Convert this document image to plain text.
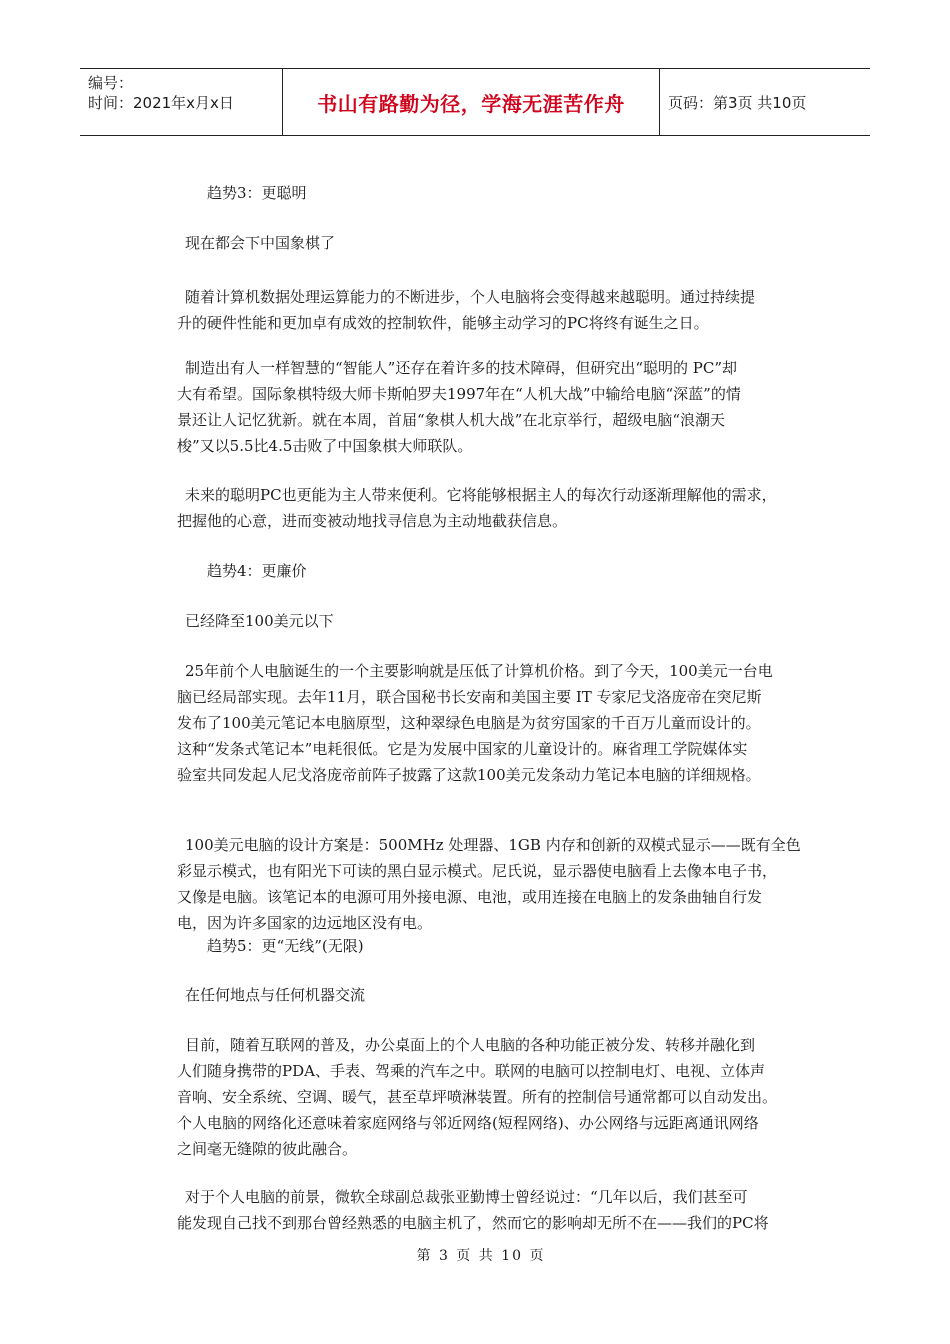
编号：
时间：2021年x月x日	书山有路勤为径，学海无涯苦作舟	页码：第3页 共10页
趋势3：更聪明
现在都会下中国象棋了
随着计算机数据处理运算能力的不断进步，个人电脑将会变得越来越聪明。通过持续提
升的硬件性能和更加卓有成效的控制软件，能够主动学习的PC将终有诞生之日。
制造出有人一样智慧的“智能人”还存在着许多的技术障碍，但研究出“聪明的 PC”却
大有希望。国际象棋特级大师卡斯帕罗夫1997年在“人机大战”中输给电脑“深蓝”的情
景还让人记忆犹新。就在本周，首届“象棋人机大战”在北京举行，超级电脑“浪潮天
梭”又以5.5比4.5击败了中国象棋大师联队。
未来的聪明PC也更能为主人带来便利。它将能够根据主人的每次行动逐渐理解他的需求，
把握他的心意，进而变被动地找寻信息为主动地截获信息。
趋势4：更廉价
已经降至100美元以下
25年前个人电脑诞生的一个主要影响就是压低了计算机价格。到了今天，100美元一台电
脑已经局部实现。去年11月，联合国秘书长安南和美国主要 IT 专家尼戈洛庞帝在突尼斯
发布了100美元笔记本电脑原型，这种翠绿色电脑是为贫穷国家的千百万儿童而设计的。
这种“发条式笔记本”电耗很低。它是为发展中国家的儿童设计的。麻省理工学院媒体实
验室共同发起人尼戈洛庞帝前阵子披露了这款100美元发条动力笔记本电脑的详细规格。
100美元电脑的设计方案是：500MHz 处理器、1GB 内存和创新的双模式显示——既有全色
彩显示模式，也有阳光下可读的黑白显示模式。尼氏说，显示器使电脑看上去像本电子书，
又像是电脑。该笔记本的电源可用外接电源、电池，或用连接在电脑上的发条曲轴自行发
电，因为许多国家的边远地区没有电。
趋势5：更“无线”(无限)
在任何地点与任何机器交流
目前，随着互联网的普及，办公桌面上的个人电脑的各种功能正被分发、转移并融化到
人们随身携带的PDA、手表、驾乘的汽车之中。联网的电脑可以控制电灯、电视、立体声
音响、安全系统、空调、暖气，甚至草坪喷淋装置。所有的控制信号通常都可以自动发出。
个人电脑的网络化还意味着家庭网络与邻近网络(短程网络)、办公网络与远距离通讯网络
之间毫无缝隙的彼此融合。
对于个人电脑的前景，微软全球副总裁张亚勤博士曾经说过：“几年以后，我们甚至可
能发现自己找不到那台曾经熟悉的电脑主机了，然而它的影响却无所不在——我们的PC将
第 3 页 共 10 页
